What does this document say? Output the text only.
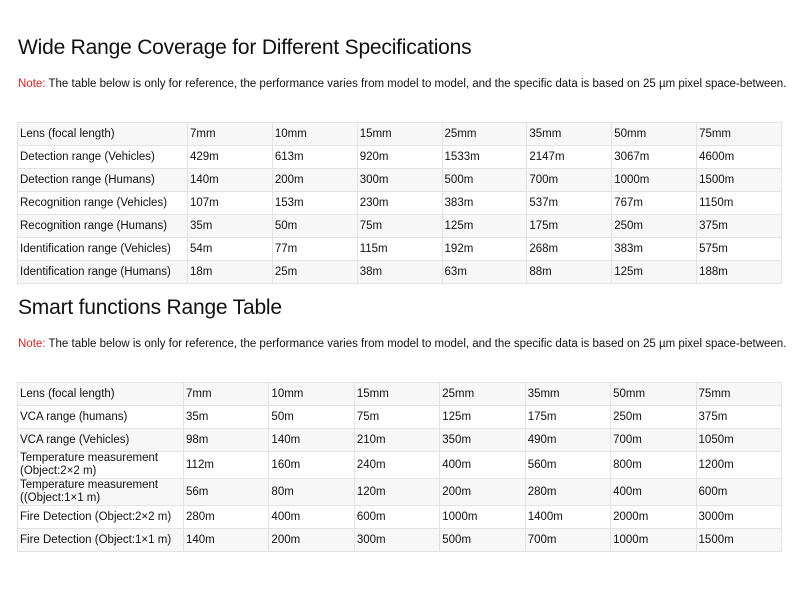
Wide Range Coverage for Different Specifications

Note: The table below is only for reference, the performance varies from model to model, and the specific data is based on 25 µm pixel space-between.

Lens (focal length)	7mm	10mm	15mm	25mm	35mm	50mm	75mm
Detection range (Vehicles)	429m	613m	920m	1533m	2147m	3067m	4600m
Detection range (Humans)	140m	200m	300m	500m	700m	1000m	1500m
Recognition range (Vehicles)	107m	153m	230m	383m	537m	767m	1150m
Recognition range (Humans)	35m	50m	75m	125m	175m	250m	375m
Identification range (Vehicles)	54m	77m	115m	192m	268m	383m	575m
Identification range (Humans)	18m	25m	38m	63m	88m	125m	188m
Smart functions Range Table

Note: The table below is only for reference, the performance varies from model to model, and the specific data is based on 25 µm pixel space-between.

Lens (focal length)	7mm	10mm	15mm	25mm	35mm	50mm	75mm
VCA range (humans)	35m	50m	75m	125m	175m	250m	375m
VCA range (Vehicles)	98m	140m	210m	350m	490m	700m	1050m
Temperature measurement (Object:2×2 m)	112m	160m	240m	400m	560m	800m	1200m
Temperature measurement ((Object:1×1 m)	56m	80m	120m	200m	280m	400m	600m
Fire Detection (Object:2×2 m)	280m	400m	600m	1000m	1400m	2000m	3000m
Fire Detection (Object:1×1 m)	140m	200m	300m	500m	700m	1000m	1500m
